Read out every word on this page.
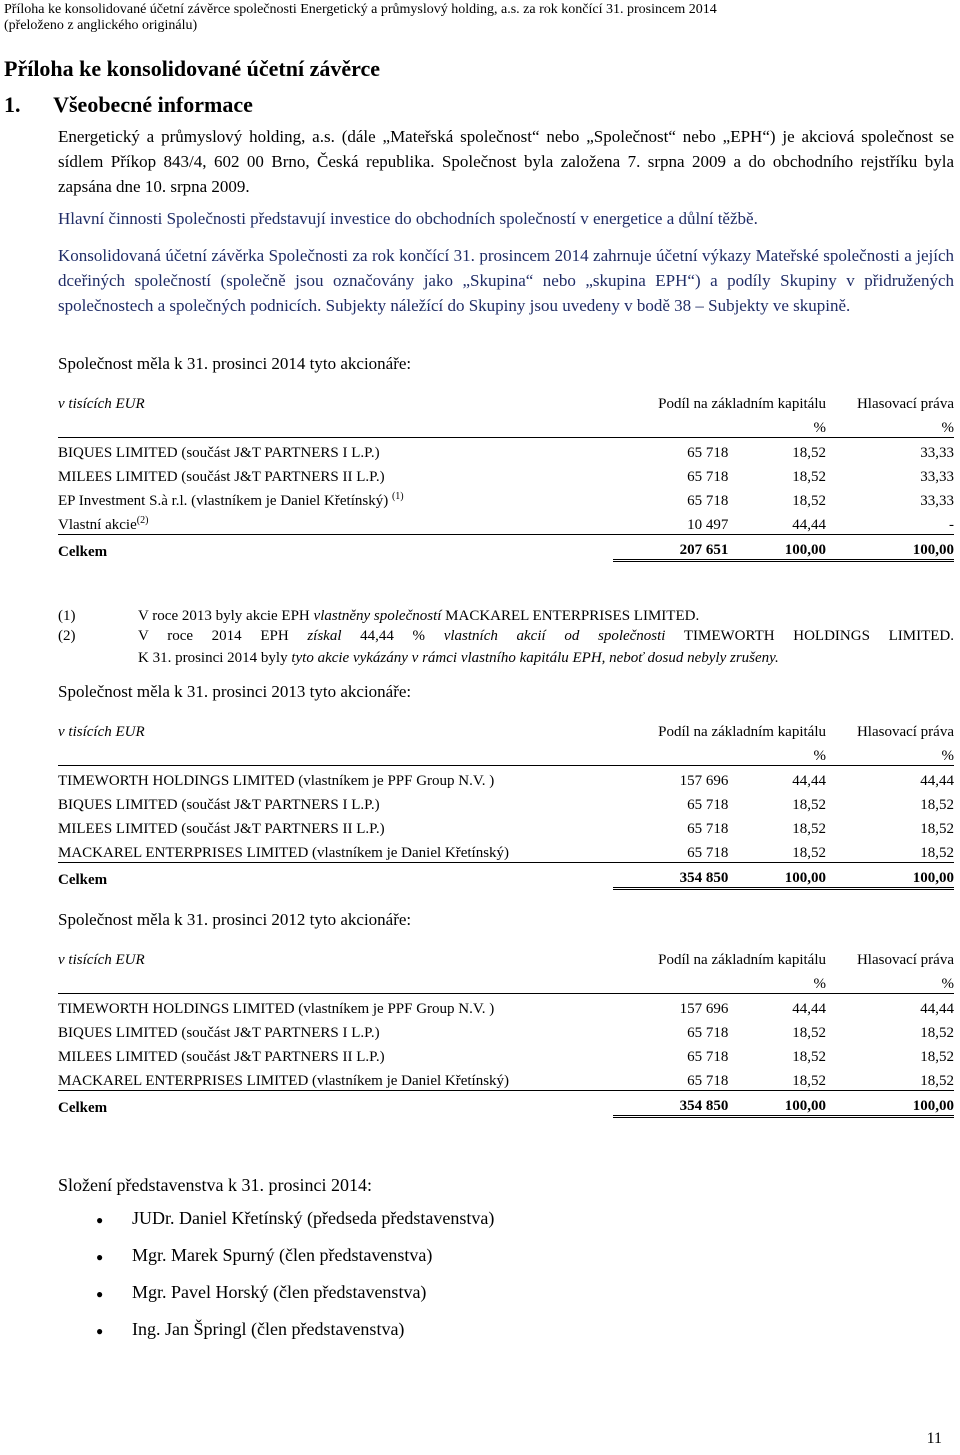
Příloha ke konsolidované účetní závěrce společnosti Energetický a průmyslový holding, a.s. za rok končící 31. prosincem 2014
(přeloženo z anglického originálu)
Příloha ke konsolidované účetní závěrce
1. Všeobecné informace
Energetický a průmyslový holding, a.s. (dále „Mateřská společnost“ nebo „Společnost“ nebo „EPH“) je akciová společnost se sídlem Příkop 843/4, 602 00 Brno, Česká republika. Společnost byla založena 7. srpna 2009 a do obchodního rejstříku byla zapsána dne 10. srpna 2009.
Hlavní činnosti Společnosti představují investice do obchodních společností v energetice a důlní těžbě.
Konsolidovaná účetní závěrka Společnosti za rok končící 31. prosincem 2014 zahrnuje účetní výkazy Mateřské společnosti a jejích dceřiných společností (společně jsou označovány jako „Skupina“ nebo „skupina EPH“) a podíly Skupiny v přidružených společnostech a společných podnicích. Subjekty náležící do Skupiny jsou uvedeny v bodě 38 – Subjekty ve skupině.
Společnost měla k 31. prosinci 2014 tyto akcionáře:
v tisících EUR	Podíl na základním kapitálu		Hlasovací práva
		%	%
BIQUES LIMITED (součást J&T PARTNERS I L.P.)	65 718	18,52	33,33
MILEES LIMITED (součást J&T PARTNERS II L.P.)	65 718	18,52	33,33
EP Investment S.à r.l. (vlastníkem je Daniel Křetínský) $^{(1)}$	65 718	18,52	33,33
Vlastní akcie$^{(2)}$	10 497	44,44	-
Celkem	207 651	100,00	100,00
(1)	V roce 2013 byly akcie EPH vlastněny společností MACKAREL ENTERPRISES LIMITED.
(2)	V roce 2014 EPH získal 44,44 % vlastních akcií od společnosti TIMEWORTH HOLDINGS LIMITED.
K 31. prosinci 2014 byly tyto akcie vykázány v rámci vlastního kapitálu EPH, neboť dosud nebyly zrušeny.
Společnost měla k 31. prosinci 2013 tyto akcionáře:
v tisících EUR	Podíl na základním kapitálu		Hlasovací práva
		%	%
TIMEWORTH HOLDINGS LIMITED (vlastníkem je PPF Group N.V. )	157 696	44,44	44,44
BIQUES LIMITED (součást J&T PARTNERS I L.P.)	65 718	18,52	18,52
MILEES LIMITED (součást J&T PARTNERS II L.P.)	65 718	18,52	18,52
MACKAREL ENTERPRISES LIMITED (vlastníkem je Daniel Křetínský)	65 718	18,52	18,52
Celkem	354 850	100,00	100,00
Společnost měla k 31. prosinci 2012 tyto akcionáře:
v tisících EUR	Podíl na základním kapitálu		Hlasovací práva
		%	%
TIMEWORTH HOLDINGS LIMITED (vlastníkem je PPF Group N.V. )	157 696	44,44	44,44
BIQUES LIMITED (součást J&T PARTNERS I L.P.)	65 718	18,52	18,52
MILEES LIMITED (součást J&T PARTNERS II L.P.)	65 718	18,52	18,52
MACKAREL ENTERPRISES LIMITED (vlastníkem je Daniel Křetínský)	65 718	18,52	18,52
Celkem	354 850	100,00	100,00
Složení představenstva k 31. prosinci 2014:
● JUDr. Daniel Křetínský (předseda představenstva)
● Mgr. Marek Spurný (člen představenstva)
● Mgr. Pavel Horský (člen představenstva)
● Ing. Jan Špringl (člen představenstva)
11
